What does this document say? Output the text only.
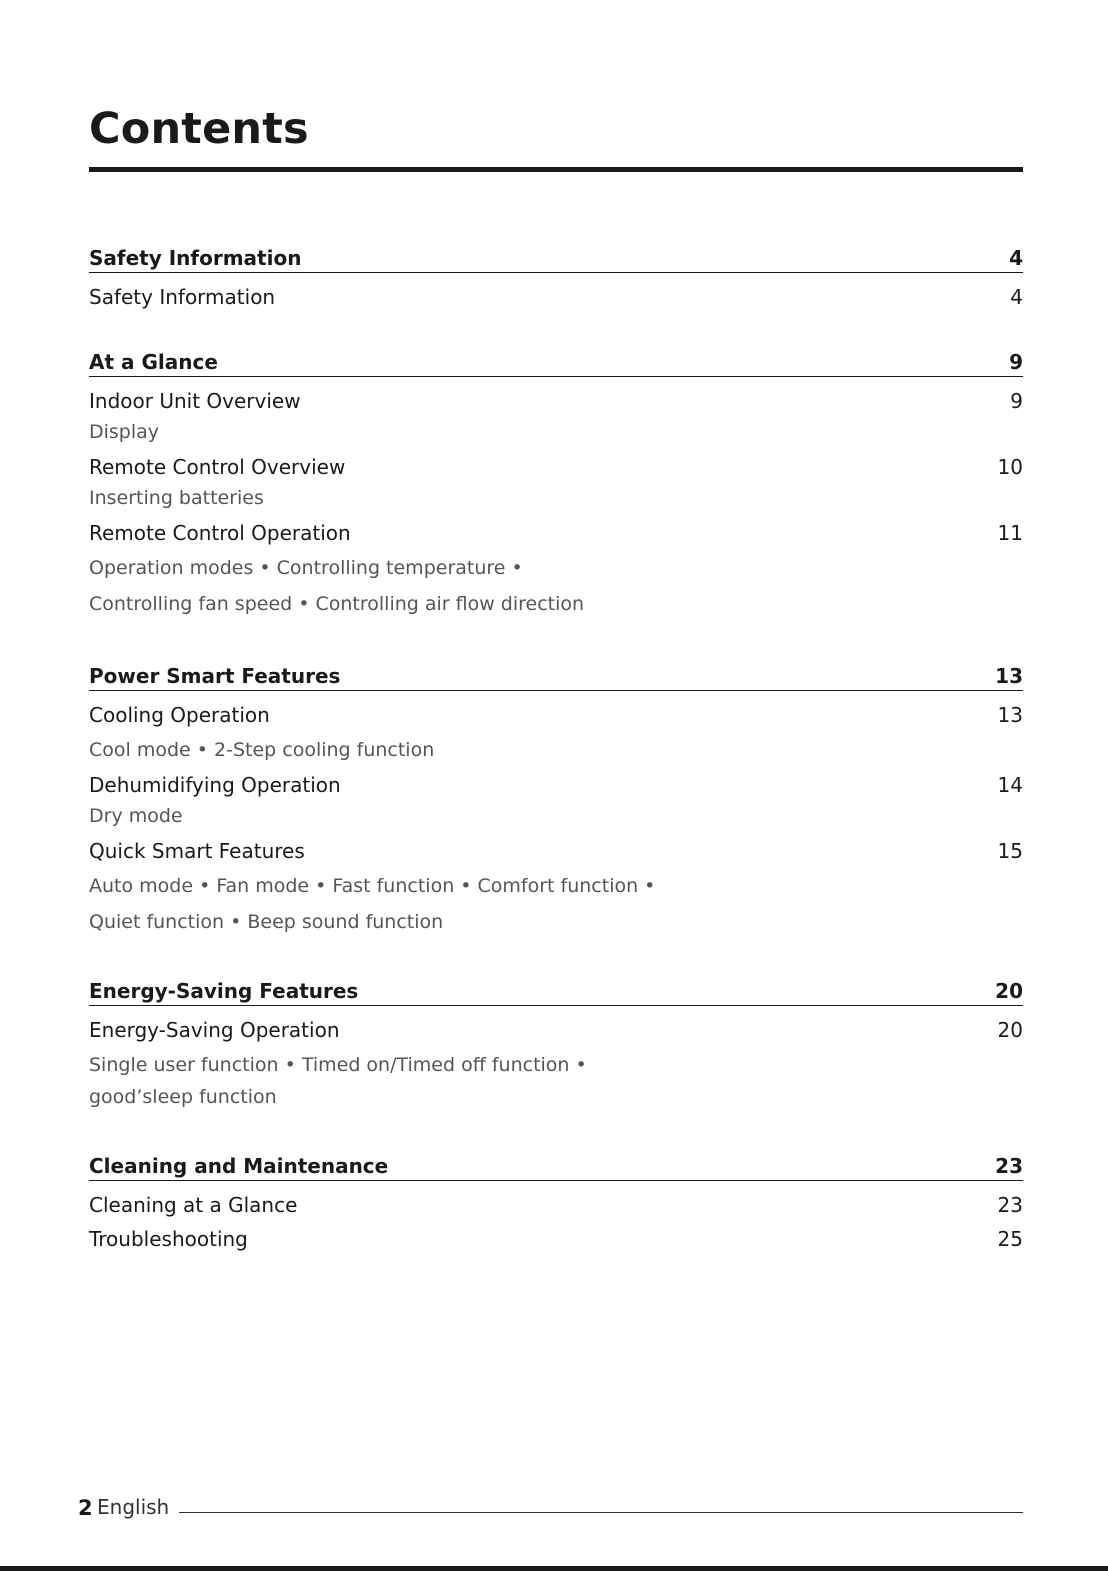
Contents
Safety Information	4
Safety Information	4
At a Glance	9
Indoor Unit Overview	9
Display
Remote Control Overview	10
Inserting batteries
Remote Control Operation	11
Operation modes • Controlling temperature •
Controlling fan speed • Controlling air flow direction
Power Smart Features	13
Cooling Operation	13
Cool mode • 2-Step cooling function
Dehumidifying Operation	14
Dry mode
Quick Smart Features	15
Auto mode • Fan mode • Fast function • Comfort function •
Quiet function • Beep sound function
Energy-Saving Features	20
Energy-Saving Operation	20
Single user function • Timed on/Timed off function •
good’sleep function
Cleaning and Maintenance	23
Cleaning at a Glance	23
Troubleshooting	25
2 English
